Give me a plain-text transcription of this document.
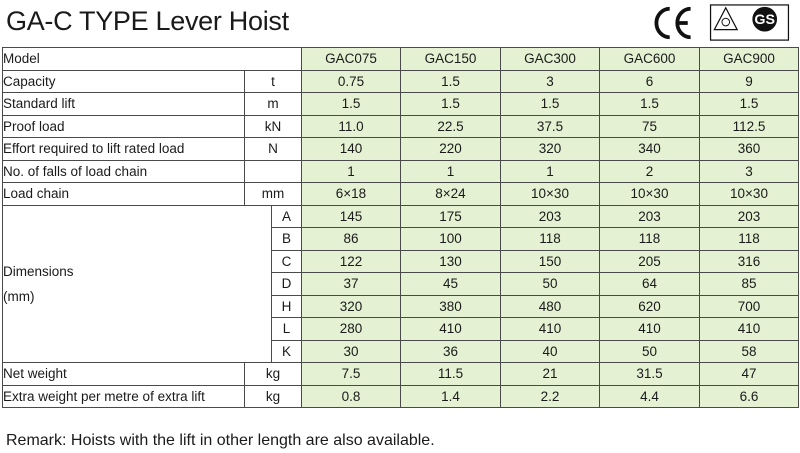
GA-C TYPE Lever Hoist	GS
Model			GAC075	GAC150	GAC300	GAC600	GAC900
Capacity	t		0.75	1.5	3	6	9
Standard lift	m		1.5	1.5	1.5	1.5	1.5
Proof load	kN		11.0	22.5	37.5	75	112.5
Effort required to lift rated load	N		140	220	320	340	360
No. of falls of load chain			1	1	1	2	3
Load chain	mm		6×18	8×24	10×30	10×30	10×30

Dimensions
(mm)		A	145	175	203	203	203
		B	86	100	118	118	118
		C	122	130	150	205	316
		D	37	45	50	64	85
		H	320	380	480	620	700
		L	280	410	410	410	410
		K	30	36	40	50	58
Net weight	kg		7.5	11.5	21	31.5	47
Extra weight per metre of extra lift	kg		0.8	1.4	2.2	4.4	6.6
Remark: Hoists with the lift in other length are also available.
